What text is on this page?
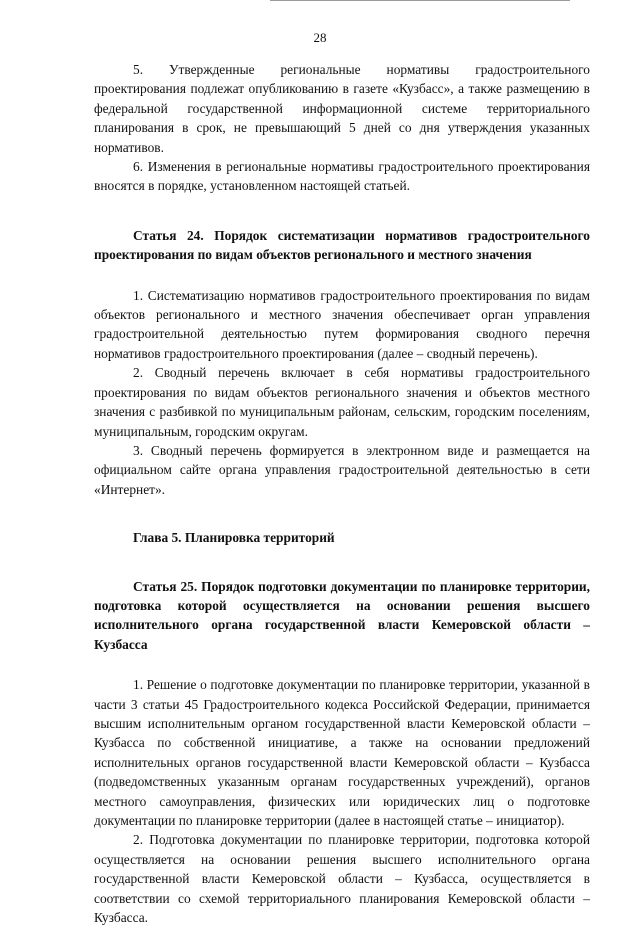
28

5. Утвержденные региональные нормативы градостроительного проектирования подлежат опубликованию в газете «Кузбасс», а также размещению в федеральной государственной информационной системе территориального планирования в срок, не превышающий 5 дней со дня утверждения указанных нормативов.

6. Изменения в региональные нормативы градостроительного проектирования вносятся в порядке, установленном настоящей статьей.

Статья 24. Порядок систематизации нормативов градостроительного проектирования по видам объектов регионального и местного значения

1. Систематизацию нормативов градостроительного проектирования по видам объектов регионального и местного значения обеспечивает орган управления градостроительной деятельностью путем формирования сводного перечня нормативов градостроительного проектирования (далее – сводный перечень).

2. Сводный перечень включает в себя нормативы градостроительного проектирования по видам объектов регионального значения и объектов местного значения с разбивкой по муниципальным районам, сельским, городским поселениям, муниципальным, городским округам.

3. Сводный перечень формируется в электронном виде и размещается на официальном сайте органа управления градостроительной деятельностью в сети «Интернет».

Глава 5. Планировка территорий

Статья 25. Порядок подготовки документации по планировке территории, подготовка которой осуществляется на основании решения высшего исполнительного органа государственной власти Кемеровской области – Кузбасса

1. Решение о подготовке документации по планировке территории, указанной в части 3 статьи 45 Градостроительного кодекса Российской Федерации, принимается высшим исполнительным органом государственной власти Кемеровской области – Кузбасса по собственной инициативе, а также на основании предложений исполнительных органов государственной власти Кемеровской области – Кузбасса (подведомственных указанным органам государственных учреждений), органов местного самоуправления, физических или юридических лиц о подготовке документации по планировке территории (далее в настоящей статье – инициатор).

2. Подготовка документации по планировке территории, подготовка которой осуществляется на основании решения высшего исполнительного органа государственной власти Кемеровской области – Кузбасса, осуществляется в соответствии со схемой территориального планирования Кемеровской области – Кузбасса.
